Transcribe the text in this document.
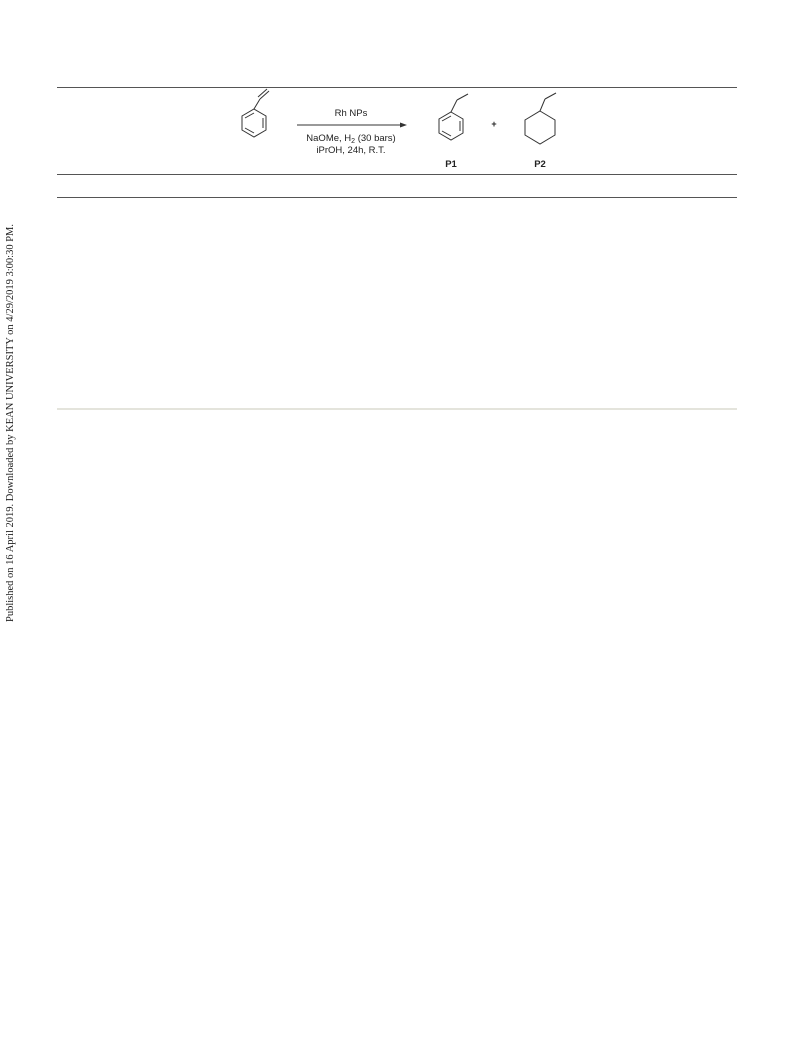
Published on 16 April 2019. Downloaded by KEAN UNIVERSITY on 4/29/2019 3:00:30 PM.
Rh NPs
NaOMe, $H_2$ (30 bars)
iPrOH, 24h, R.T.
+
P1	P2
